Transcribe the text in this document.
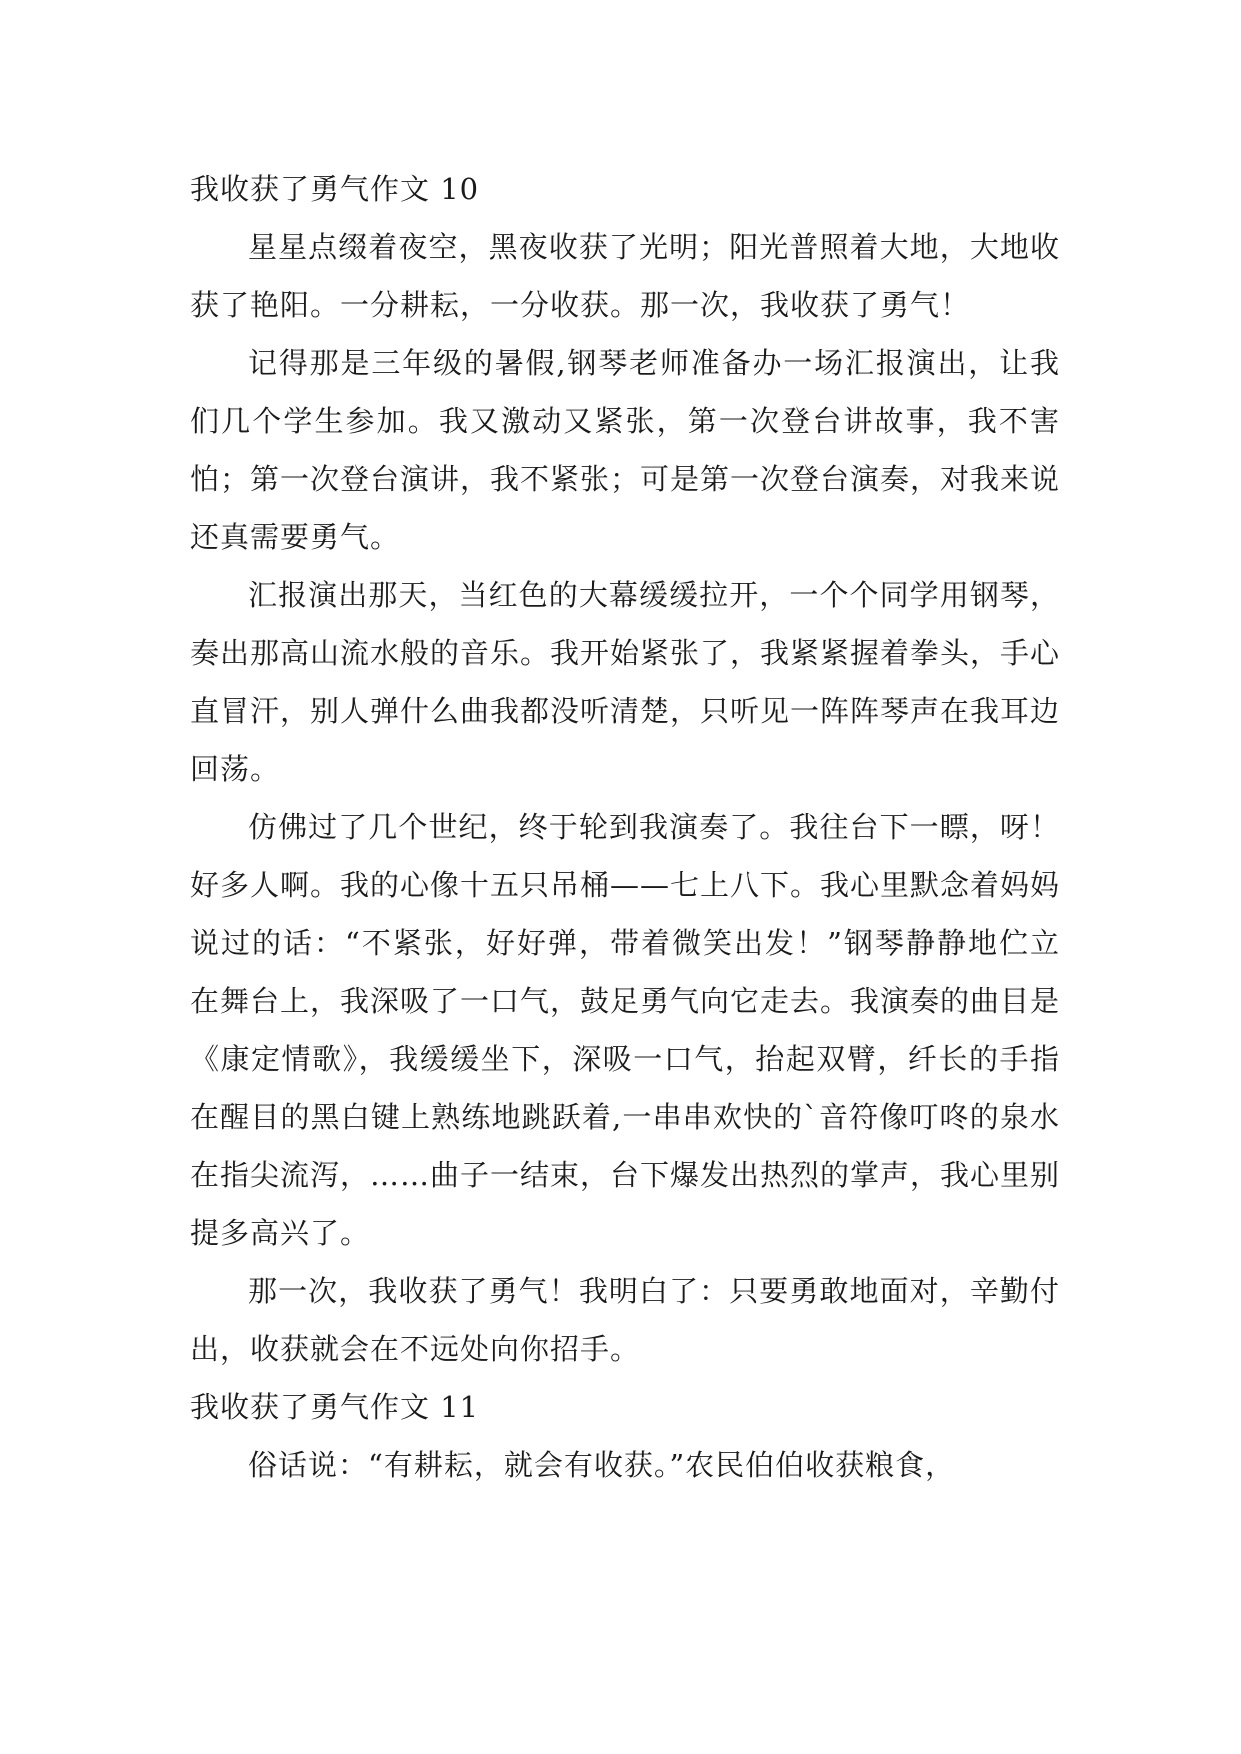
我收获了勇气作文 10

星星点缀着夜空，黑夜收获了光明；阳光普照着大地，大地收获了艳阳。一分耕耘，一分收获。那一次，我收获了勇气！

记得那是三年级的暑假,钢琴老师准备办一场汇报演出，让我们几个学生参加。我又激动又紧张，第一次登台讲故事，我不害怕；第一次登台演讲，我不紧张；可是第一次登台演奏，对我来说还真需要勇气。

汇报演出那天，当红色的大幕缓缓拉开，一个个同学用钢琴，奏出那高山流水般的音乐。我开始紧张了，我紧紧握着拳头，手心直冒汗，别人弹什么曲我都没听清楚，只听见一阵阵琴声在我耳边回荡。

仿佛过了几个世纪，终于轮到我演奏了。我往台下一瞟，呀！好多人啊。我的心像十五只吊桶——七上八下。我心里默念着妈妈说过的话：“不紧张，好好弹，带着微笑出发！”钢琴静静地伫立在舞台上，我深吸了一口气，鼓足勇气向它走去。我演奏的曲目是《康定情歌》，我缓缓坐下，深吸一口气，抬起双臂，纤长的手指在醒目的黑白键上熟练地跳跃着,一串串欢快的`音符像叮咚的泉水在指尖流泻，……曲子一结束，台下爆发出热烈的掌声，我心里别提多高兴了。

那一次，我收获了勇气！我明白了：只要勇敢地面对，辛勤付出，收获就会在不远处向你招手。

我收获了勇气作文 11

俗话说：“有耕耘，就会有收获。”农民伯伯收获粮食，
